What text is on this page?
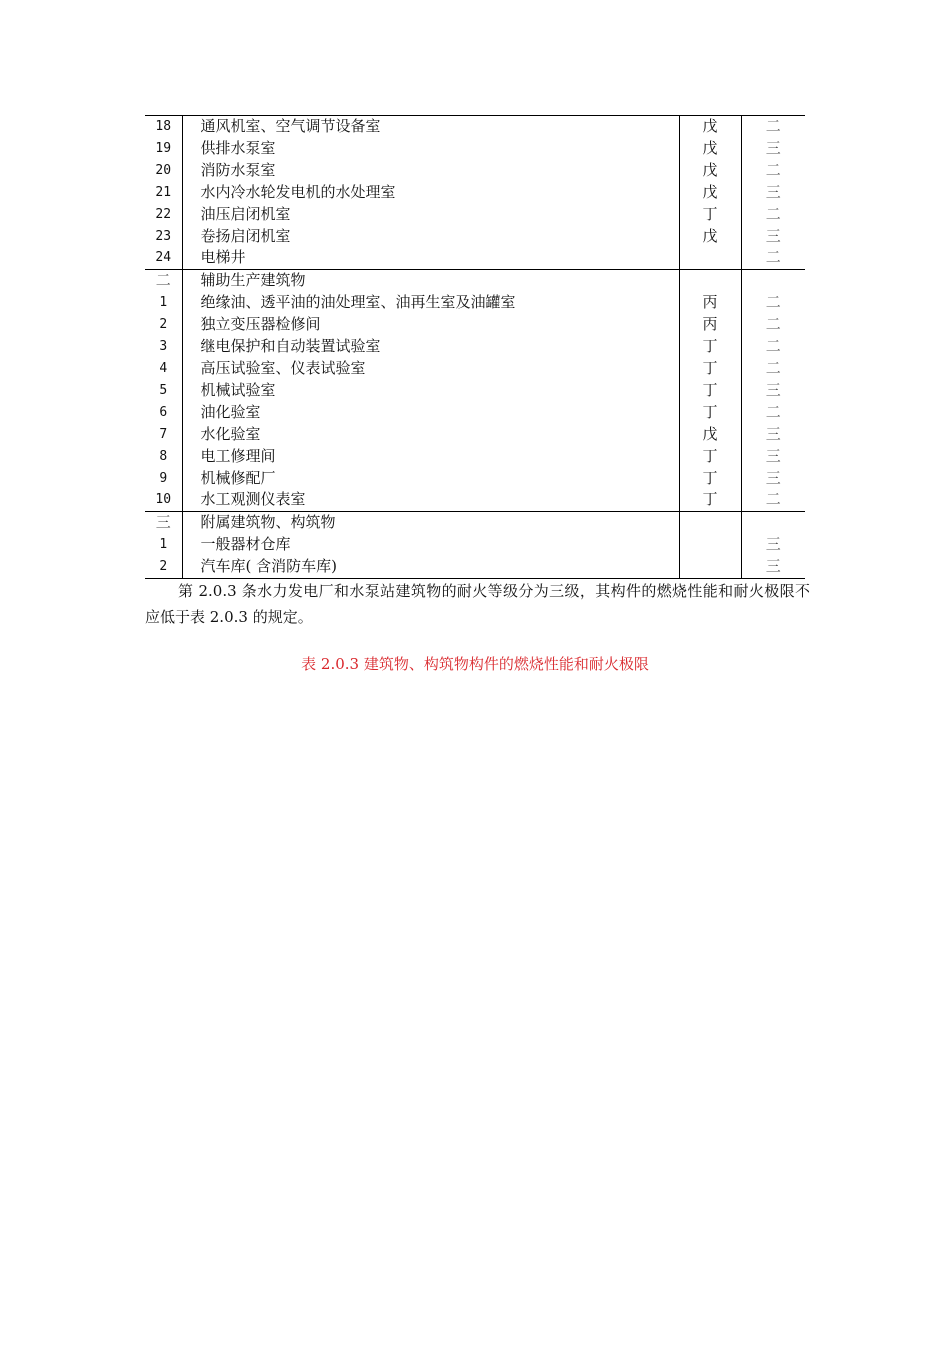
18	通风机室、空气调节设备室	戊	二
19	供排水泵室	戊	三
20	消防水泵室	戊	二
21	水内冷水轮发电机的水处理室	戊	三
22	油压启闭机室	丁	二
23	卷扬启闭机室	戊	三
24	电梯井		二
二	辅助生产建筑物		
1	绝缘油、透平油的油处理室、油再生室及油罐室	丙	二
2	独立变压器检修间	丙	二
3	继电保护和自动装置试验室	丁	二
4	高压试验室、仪表试验室	丁	二
5	机械试验室	丁	三
6	油化验室	丁	二
7	水化验室	戊	三
8	电工修理间	丁	三
9	机械修配厂	丁	三
10	水工观测仪表室	丁	二
三	附属建筑物、构筑物		
1	一般器材仓库		三
2	汽车库( 含消防车库)		三

第 2.0.3 条水力发电厂和水泵站建筑物的耐火等级分为三级，其构件的燃烧性能和耐火极限不应低于表 2.0.3 的规定。

表 2.0.3 建筑物、构筑物构件的燃烧性能和耐火极限
